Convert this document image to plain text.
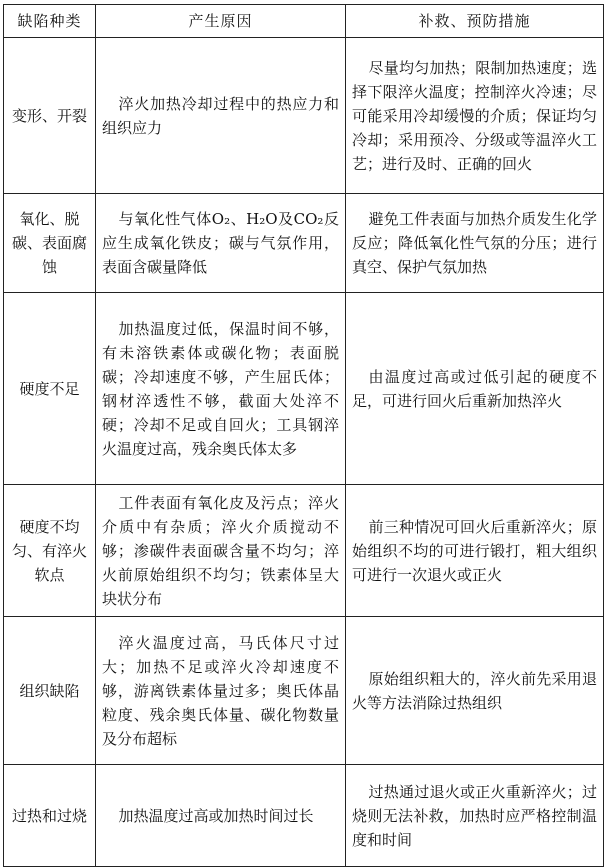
缺陷种类	产生原因	补救、预防措施
变形、开裂	淬火加热冷却过程中的热应力和组织应力	尽量均匀加热；限制加热速度；选择下限淬火温度；控制淬火冷速；尽可能采用冷却缓慢的介质；保证均匀冷却；采用预冷、分级或等温淬火工艺；进行及时、正确的回火
氧化、脱碳、表面腐蚀	与氧化性气体O₂、H₂O及CO₂反应生成氧化铁皮；碳与气氛作用，表面含碳量降低	避免工件表面与加热介质发生化学反应；降低氧化性气氛的分压；进行真空、保护气氛加热
硬度不足	加热温度过低，保温时间不够，有未溶铁素体或碳化物；表面脱碳；冷却速度不够，产生屈氏体；钢材淬透性不够，截面大处淬不硬；冷却不足或自回火；工具钢淬火温度过高，残余奥氏体太多	由温度过高或过低引起的硬度不足，可进行回火后重新加热淬火
硬度不均匀、有淬火软点	工件表面有氧化皮及污点；淬火介质中有杂质；淬火介质搅动不够；渗碳件表面碳含量不均匀；淬火前原始组织不均匀；铁素体呈大块状分布	前三种情况可回火后重新淬火；原始组织不均的可进行锻打，粗大组织可进行一次退火或正火
组织缺陷	淬火温度过高，马氏体尺寸过大；加热不足或淬火冷却速度不够，游离铁素体量过多；奥氏体晶粒度、残余奥氏体量、碳化物数量及分布超标	原始组织粗大的，淬火前先采用退火等方法消除过热组织
过热和过烧	加热温度过高或加热时间过长	过热通过退火或正火重新淬火；过烧则无法补救，加热时应严格控制温度和时间
